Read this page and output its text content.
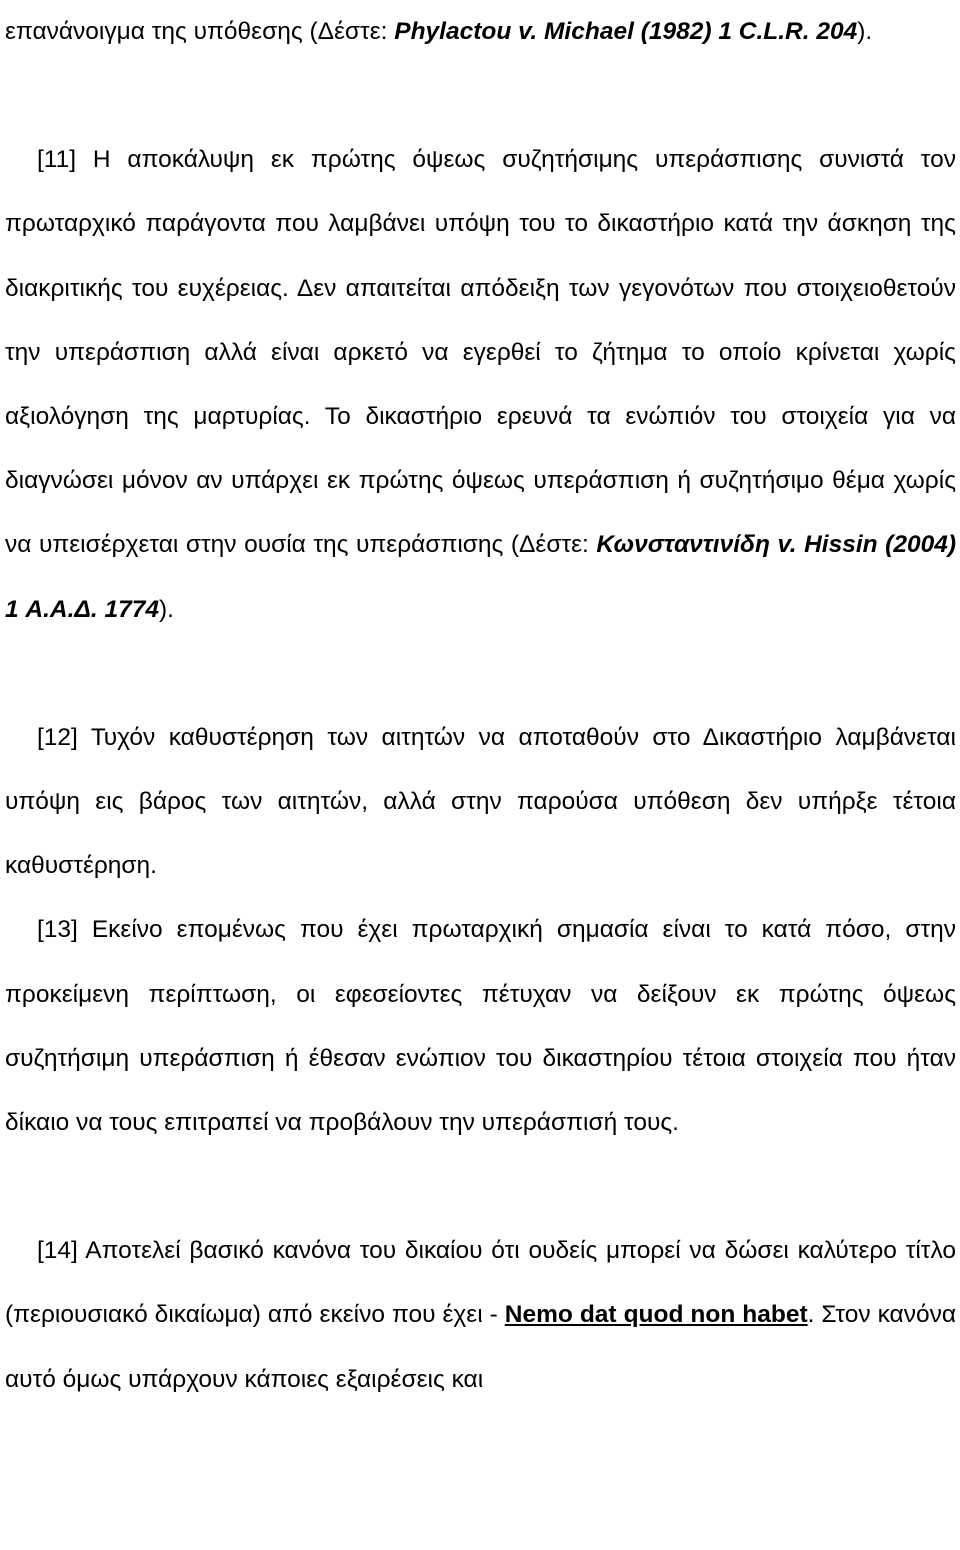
επανάνοιγμα της υπόθεσης (Δέστε: Phylactou v. Michael (1982) 1 C.L.R. 204).

[11] Η αποκάλυψη εκ πρώτης όψεως συζητήσιμης υπεράσπισης συνιστά τον πρωταρχικό παράγοντα που λαμβάνει υπόψη του το δικαστήριο κατά την άσκηση της διακριτικής του ευχέρειας. Δεν απαιτείται απόδειξη των γεγονότων που στοιχειοθετούν την υπεράσπιση αλλά είναι αρκετό να εγερθεί το ζήτημα το οποίο κρίνεται χωρίς αξιολόγηση της μαρτυρίας. Το δικαστήριο ερευνά τα ενώπιόν του στοιχεία για να διαγνώσει μόνον αν υπάρχει εκ πρώτης όψεως υπεράσπιση ή συζητήσιμο θέμα χωρίς να υπεισέρχεται στην ουσία της υπεράσπισης (Δέστε: Κωνσταντινίδη v. Hissin (2004) 1 Α.Α.Δ. 1774).

[12] Τυχόν καθυστέρηση των αιτητών να αποταθούν στο Δικαστήριο λαμβάνεται υπόψη εις βάρος των αιτητών, αλλά στην παρούσα υπόθεση δεν υπήρξε τέτοια καθυστέρηση.

[13] Εκείνο επομένως που έχει πρωταρχική σημασία είναι το κατά πόσο, στην προκείμενη περίπτωση, οι εφεσείοντες πέτυχαν να δείξουν εκ πρώτης όψεως συζητήσιμη υπεράσπιση ή έθεσαν ενώπιον του δικαστηρίου τέτοια στοιχεία που ήταν δίκαιο να τους επιτραπεί να προβάλουν την υπεράσπισή τους.

[14] Αποτελεί βασικό κανόνα του δικαίου ότι ουδείς μπορεί να δώσει καλύτερο τίτλο (περιουσιακό δικαίωμα) από εκείνο που έχει - Nemo dat quod non habet. Στον κανόνα αυτό όμως υπάρχουν κάποιες εξαιρέσεις και
